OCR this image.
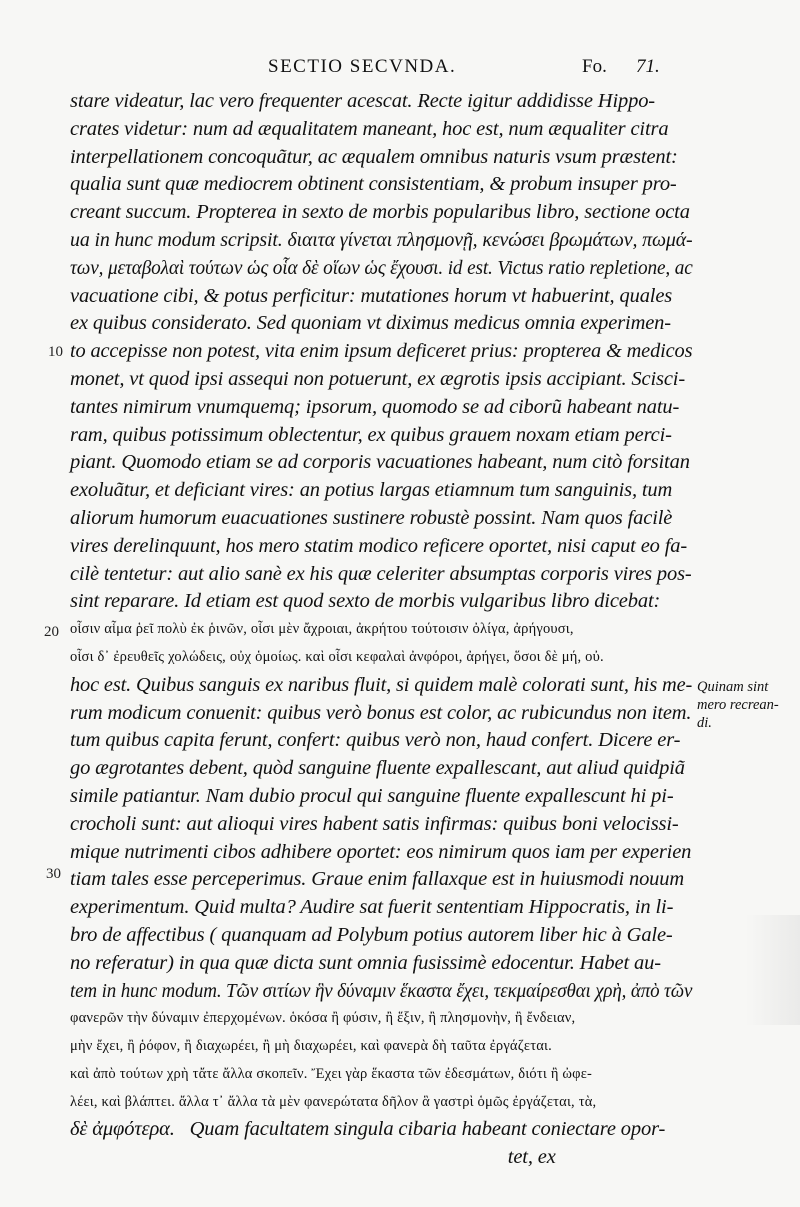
SECTIO SECVNDA.	Fo. 71.
stare videatur, lac vero frequenter acescat. Recte igitur addidisse Hippo-
crates videtur: num ad æqualitatem maneant, hoc est, num æqualiter citra
interpellationem concoquãtur, ac æqualem omnibus naturis vsum præstent:
qualia sunt quæ mediocrem obtinent consistentiam, & probum insuper pro-
creant succum. Propterea in sexto de morbis popularibus libro, sectione octa
ua in hunc modum scripsit. διαιτα γίνεται πλησμονῇ, κενώσει βρωμάτων, πωμά-
των, μεταβολαὶ τούτων ὡς οἷα δὲ οἵων ὡς ἔχουσι. id est. Victus ratio repletione, ac
vacuatione cibi, & potus perficitur: mutationes horum vt habuerint, quales
ex quibus considerato. Sed quoniam vt diximus medicus omnia experimen-
to accepisse non potest, vita enim ipsum deficeret prius: propterea & medicos
monet, vt quod ipsi assequi non potuerunt, ex ægrotis ipsis accipiant. Scisci-
tantes nimirum vnumquemq; ipsorum, quomodo se ad ciborũ habeant natu-
ram, quibus potissimum oblectentur, ex quibus grauem noxam etiam perci-
piant. Quomodo etiam se ad corporis vacuationes habeant, num citò forsitan
exoluãtur, et deficiant vires: an potius largas etiamnum tum sanguinis, tum
aliorum humorum euacuationes sustinere robustè possint. Nam quos facilè
vires derelinquunt, hos mero statim modico reficere oportet, nisi caput eo fa-
cilè tentetur: aut alio sanè ex his quæ celeriter absumptas corporis vires pos-
sint reparare. Id etiam est quod sexto de morbis vulgaribus libro dicebat:
οἷσιν αἷμα ῥεῖ πολὺ ἐκ ῥινῶν, οἷσι μὲν ἄχροιαι, ἀκρήτου τούτοισιν ὀλίγα, ἀρήγουσι,
οἷσι δ᾽ ἐρευθεῖς χολώδεις, οὐχ ὁμοίως. καὶ οἷσι κεφαλαὶ ἀνφόροι, ἀρήγει, ὅσοι δὲ μή, οὐ.
hoc est. Quibus sanguis ex naribus fluit, si quidem malè colorati sunt, his me-
rum modicum conuenit: quibus verò bonus est color, ac rubicundus non item.
tum quibus capita ferunt, confert: quibus verò non, haud confert. Dicere er-
go ægrotantes debent, quòd sanguine fluente expallescant, aut aliud quidpiã
simile patiantur. Nam dubio procul qui sanguine fluente expallescunt hi pi-
crocholi sunt: aut alioqui vires habent satis infirmas: quibus boni velocissi-
mique nutrimenti cibos adhibere oportet: eos nimirum quos iam per experien
tiam tales esse perceperimus. Graue enim fallaxque est in huiusmodi nouum
experimentum. Quid multa? Audire sat fuerit sententiam Hippocratis, in li-
bro de affectibus ( quanquam ad Polybum potius autorem liber hic à Gale-
no referatur) in qua quæ dicta sunt omnia fusissimè edocentur. Habet au-
tem in hunc modum. Τῶν σιτίων ἣν δύναμιν ἕκαστα ἔχει, τεκμαίρεσθαι χρὴ, ἀπὸ τῶν
φανερῶν τὴν δύναμιν ἐπερχομένων. ὁκόσα ἢ φύσιν, ἢ ἕξιν, ἢ πλησμονὴν, ἢ ἔνδειαν,
μὴν ἔχει, ἢ ῥόφον, ἢ διαχωρέει, ἢ μὴ διαχωρέει, καὶ φανερὰ δὴ ταῦτα ἐργάζεται.
καὶ ἀπὸ τούτων χρὴ τἄτε ἄλλα σκοπεῖν. Ἔχει γὰρ ἕκαστα τῶν ἐδεσμάτων, διότι ἢ ὠφε-
λέει, καὶ βλάπτει. ἄλλα τ᾽ ἄλλα τὰ μὲν φανερώτατα δῆλον ἃ γαστρὶ ὁμῶς ἐργάζεται, τὰ,
δὲ ἀμφότερα.   Quam facultatem singula cibaria habeant coniectare opor-
tet, ex
10
20
30
Quinam sint
mero recrean-
di.
